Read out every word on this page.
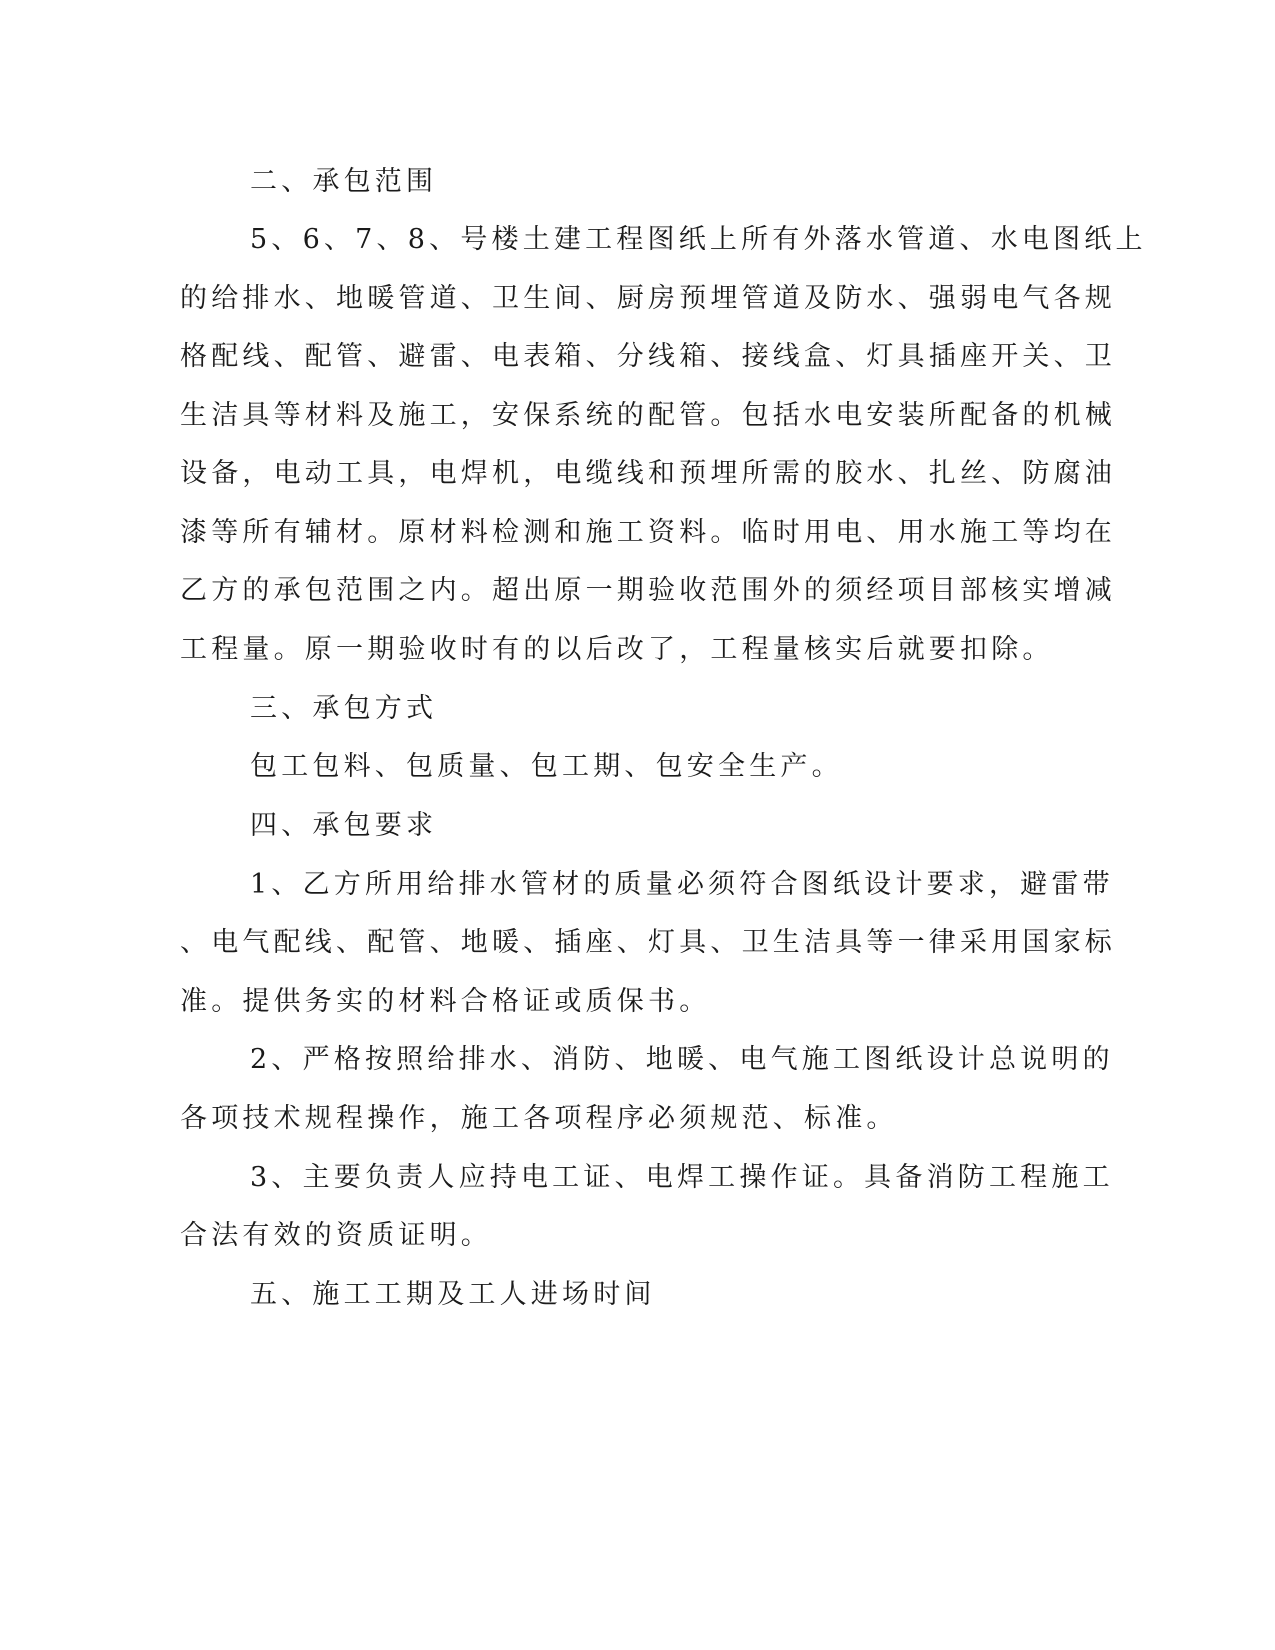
二、承包范围

5、6、7、8、号楼土建工程图纸上所有外落水管道、水电图纸上

的给排水、地暖管道、卫生间、厨房预埋管道及防水、强弱电气各规

格配线、配管、避雷、电表箱、分线箱、接线盒、灯具插座开关、卫

生洁具等材料及施工，安保系统的配管。包括水电安装所配备的机械

设备，电动工具，电焊机，电缆线和预埋所需的胶水、扎丝、防腐油

漆等所有辅材。原材料检测和施工资料。临时用电、用水施工等均在

乙方的承包范围之内。超出原一期验收范围外的须经项目部核实增减

工程量。原一期验收时有的以后改了，工程量核实后就要扣除。

三、承包方式

包工包料、包质量、包工期、包安全生产。

四、承包要求

1、乙方所用给排水管材的质量必须符合图纸设计要求，避雷带

、电气配线、配管、地暖、插座、灯具、卫生洁具等一律采用国家标

准。提供务实的材料合格证或质保书。

2、严格按照给排水、消防、地暖、电气施工图纸设计总说明的

各项技术规程操作，施工各项程序必须规范、标准。

3、主要负责人应持电工证、电焊工操作证。具备消防工程施工

合法有效的资质证明。

五、施工工期及工人进场时间
